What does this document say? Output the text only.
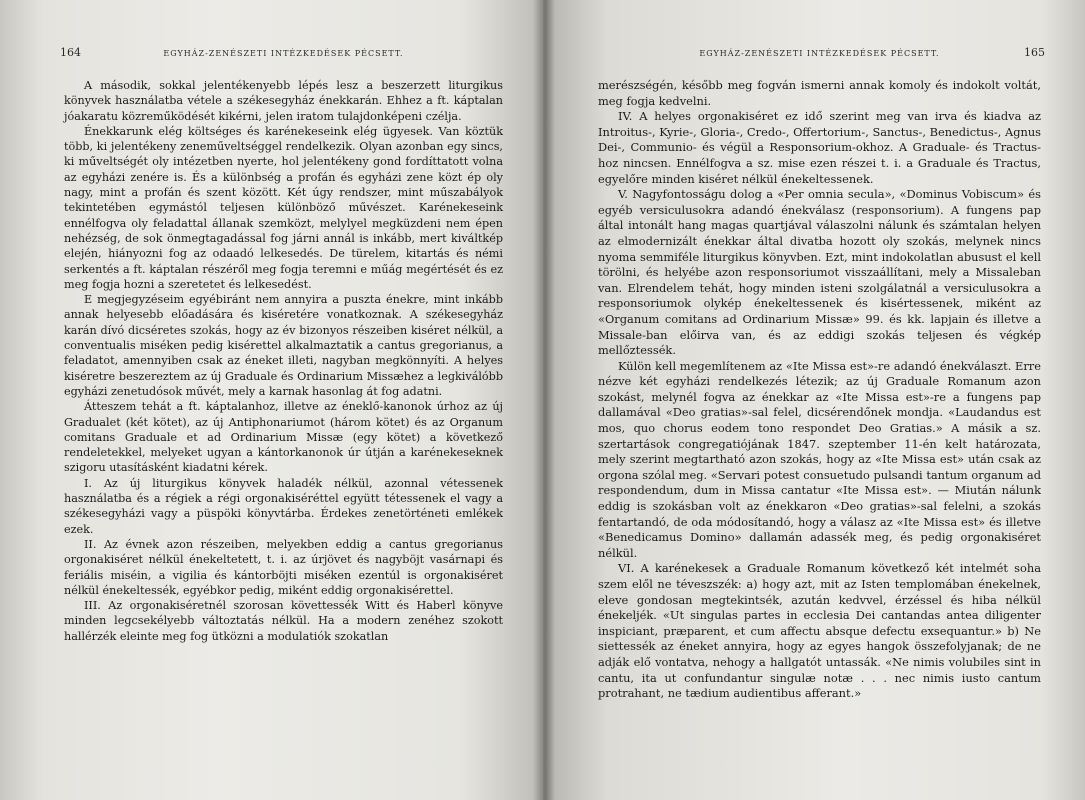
164	EGYHÁZ-ZENÉSZETI INTÉZKEDÉSEK PÉCSETT.

A második, sokkal jelentékenyebb lépés lesz a beszerzett liturgikus könyvek használatba vétele a székesegyház énekkarán. Ehhez a ft. káptalan jóakaratu közreműködését kikérni, jelen iratom tulajdonképeni czélja.

Énekkarunk elég költséges és karénekeseink elég ügyesek. Van köztük több, ki jelentékeny zeneműveltséggel rendelkezik. Olyan azonban egy sincs, ki műveltségét oly intézetben nyerte, hol jelentékeny gond fordíttatott volna az egyházi zenére is. És a különbség a profán és egyházi zene közt ép oly nagy, mint a profán és szent között. Két úgy rendszer, mint műszabályok tekintetében egymástól teljesen különböző művészet. Karénekeseink ennélfogva oly feladattal állanak szemközt, melylyel megküzdeni nem épen nehézség, de sok önmegtagadással fog járni annál is inkább, mert kiváltkép elején, hiányozni fog az odaadó lelkesedés. De türelem, kitartás és némi serkentés a ft. káptalan részéről meg fogja teremni e műág megértését és ez meg fogja hozni a szeretetet és lelkesedést.

E megjegyzéseim egyébiránt nem annyira a puszta énekre, mint inkább annak helyesebb előadására és kiséretére vonatkoznak. A székesegyház karán dívó dicséretes szokás, hogy az év bizonyos részeiben kiséret nélkül, a conventualis miséken pedig kisérettel alkalmaztatik a cantus gregorianus, a feladatot, amennyiben csak az éneket illeti, nagyban megkönnyíti. A helyes kiséretre beszereztem az új Graduale és Ordinarium Missæhez a legkiválóbb egyházi zenetudósok művét, mely a karnak hasonlag át fog adatni.

Átteszem tehát a ft. káptalanhoz, illetve az éneklő-kanonok úrhoz az új Gradualet (két kötet), az új Antiphonariumot (három kötet) és az Organum comitans Graduale et ad Ordinarium Missæ (egy kötet) a következő rendeletekkel, melyeket ugyan a kántorkanonok úr útján a karénekeseknek szigoru utasításként kiadatni kérek.

I. Az új liturgikus könyvek haladék nélkül, azonnal vétessenek használatba és a régiek a régi orgonakiséréttel együtt tétessenek el vagy a székesegyházi vagy a püspöki könyvtárba. Érdekes zenetörténeti emlékek ezek.

II. Az évnek azon részeiben, melyekben eddig a cantus gregorianus orgonakiséret nélkül énekeltetett, t. i. az úrjövet és nagyböjt vasárnapi és feriális miséin, a vigilia és kántorböjti miséken ezentúl is orgonakiséret nélkül énekeltessék, egyébkor pedig, miként eddig orgonakisérettel.

III. Az orgonakiséretnél szorosan követtessék Witt és Haberl könyve minden legcsekélyebb változtatás nélkül. Ha a modern zenéhez szokott hallérzék eleinte meg fog ütközni a modulatiók szokatlan

EGYHÁZ-ZENÉSZETI INTÉZKEDÉSEK PÉCSETT.	165

merészségén, később meg fogván ismerni annak komoly és indokolt voltát, meg fogja kedvelni.

IV. A helyes orgonakiséret ez idő szerint meg van irva és kiadva az Introitus-, Kyrie-, Gloria-, Credo-, Offertorium-, Sanctus-, Benedictus-, Agnus Dei-, Communio- és végül a Responsorium-okhoz. A Graduale- és Tractus-hoz nincsen. Ennélfogva a sz. mise ezen részei t. i. a Graduale és Tractus, egyelőre minden kiséret nélkül énekeltessenek.

V. Nagyfontosságu dolog a «Per omnia secula», «Dominus Vobiscum» és egyéb versiculusokra adandó énekválasz (responsorium). A fungens pap által intonált hang magas quartjával válaszolni nálunk és számtalan helyen az elmodernizált énekkar által divatba hozott oly szokás, melynek nincs nyoma semmiféle liturgikus könyvben. Ezt, mint indokolatlan abusust el kell törölni, és helyébe azon responsoriumot visszaállítani, mely a Missaleban van. Elrendelem tehát, hogy minden isteni szolgálatnál a versiculusokra a responsoriumok olykép énekeltessenek és kisértessenek, miként az «Organum comitans ad Ordinarium Missæ» 99. és kk. lapjain és illetve a Missale-ban előirva van, és az eddigi szokás teljesen és végkép mellőztessék.

Külön kell megemlítenem az «Ite Missa est»-re adandó énekválaszt. Erre nézve két egyházi rendelkezés létezik; az új Graduale Romanum azon szokást, melynél fogva az énekkar az «Ite Missa est»-re a fungens pap dallamával «Deo gratias»-sal felel, dicsérendőnek mondja. «Laudandus est mos, quo chorus eodem tono respondet Deo Gratias.» A másik a sz. szertartások congregatiójának 1847. szeptember 11-én kelt határozata, mely szerint megtartható azon szokás, hogy az «Ite Missa est» után csak az orgona szólal meg. «Servari potest consuetudo pulsandi tantum organum ad respondendum, dum in Missa cantatur «Ite Missa est». — Miután nálunk eddig is szokásban volt az énekkaron «Deo gratias»-sal felelni, a szokás fentartandó, de oda módosítandó, hogy a válasz az «Ite Missa est» és illetve «Benedicamus Domino» dallamán adassék meg, és pedig orgonakiséret nélkül.

VI. A karénekesek a Graduale Romanum következő két intelmét soha szem elől ne téveszszék: a) hogy azt, mit az Isten templomában énekelnek, eleve gondosan megtekintsék, azután kedvvel, érzéssel és hiba nélkül énekeljék. «Ut singulas partes in ecclesia Dei cantandas antea diligenter inspiciant, præparent, et cum affectu absque defectu exsequantur.» b) Ne siettessék az éneket annyira, hogy az egyes hangok összefolyjanak; de ne adják elő vontatva, nehogy a hallgatót untassák. «Ne nimis volubiles sint in cantu, ita ut confundantur singulæ notæ . . . nec nimis iusto cantum protrahant, ne tædium audientibus afferant.»
